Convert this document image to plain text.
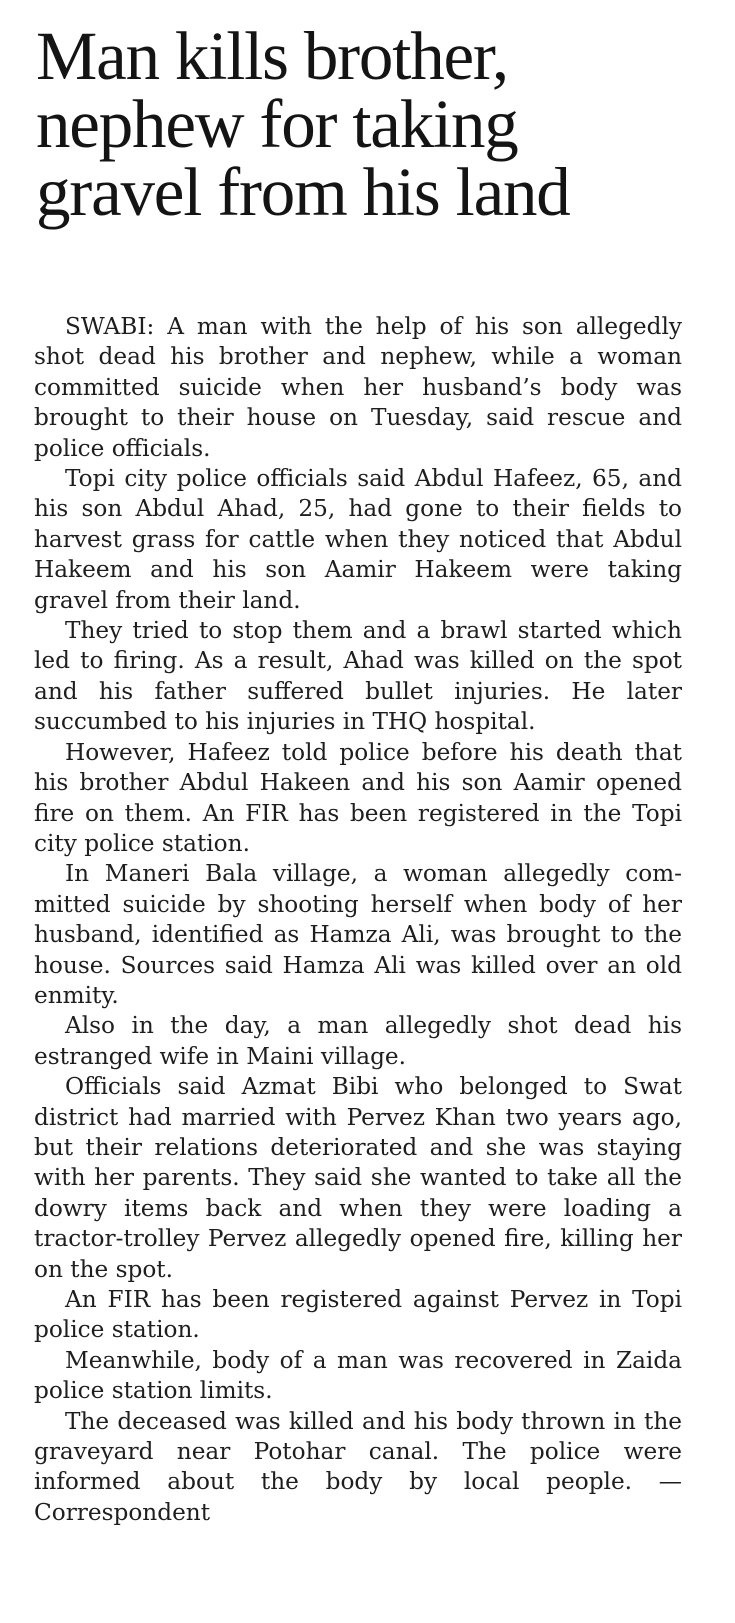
Man kills brother,
nephew for taking
gravel from his land

SWABI: A man with the help of his son allegedly shot dead his brother and nephew, while a woman committed suicide when her husband’s body was brought to their house on Tuesday, said rescue and police officials.

Topi city police officials said Abdul Hafeez, 65, and his son Abdul Ahad, 25, had gone to their fields to harvest grass for cattle when they noticed that Abdul Hakeem and his son Aamir Hakeem were taking gravel from their land.

They tried to stop them and a brawl started which led to firing. As a result, Ahad was killed on the spot and his father suffered bullet injuries. He later succumbed to his injuries in THQ hospital.

However, Hafeez told police before his death that his brother Abdul Hakeen and his son Aamir opened fire on them. An FIR has been registered in the Topi city police station.

In Maneri Bala village, a woman allegedly committed suicide by shooting herself when body of her husband, identified as Hamza Ali, was brought to the house. Sources said Hamza Ali was killed over an old enmity.

Also in the day, a man allegedly shot dead his estranged wife in Maini village.

Officials said Azmat Bibi who belonged to Swat district had married with Pervez Khan two years ago, but their relations deteriorated and she was staying with her parents. They said she wanted to take all the dowry items back and when they were loading a tractor-trolley Pervez allegedly opened fire, killing her on the spot.

An FIR has been registered against Pervez in Topi police station.

Meanwhile, body of a man was recovered in Zaida police station limits.

The deceased was killed and his body thrown in the graveyard near Potohar canal. The police were informed about the body by local people. — Correspondent
